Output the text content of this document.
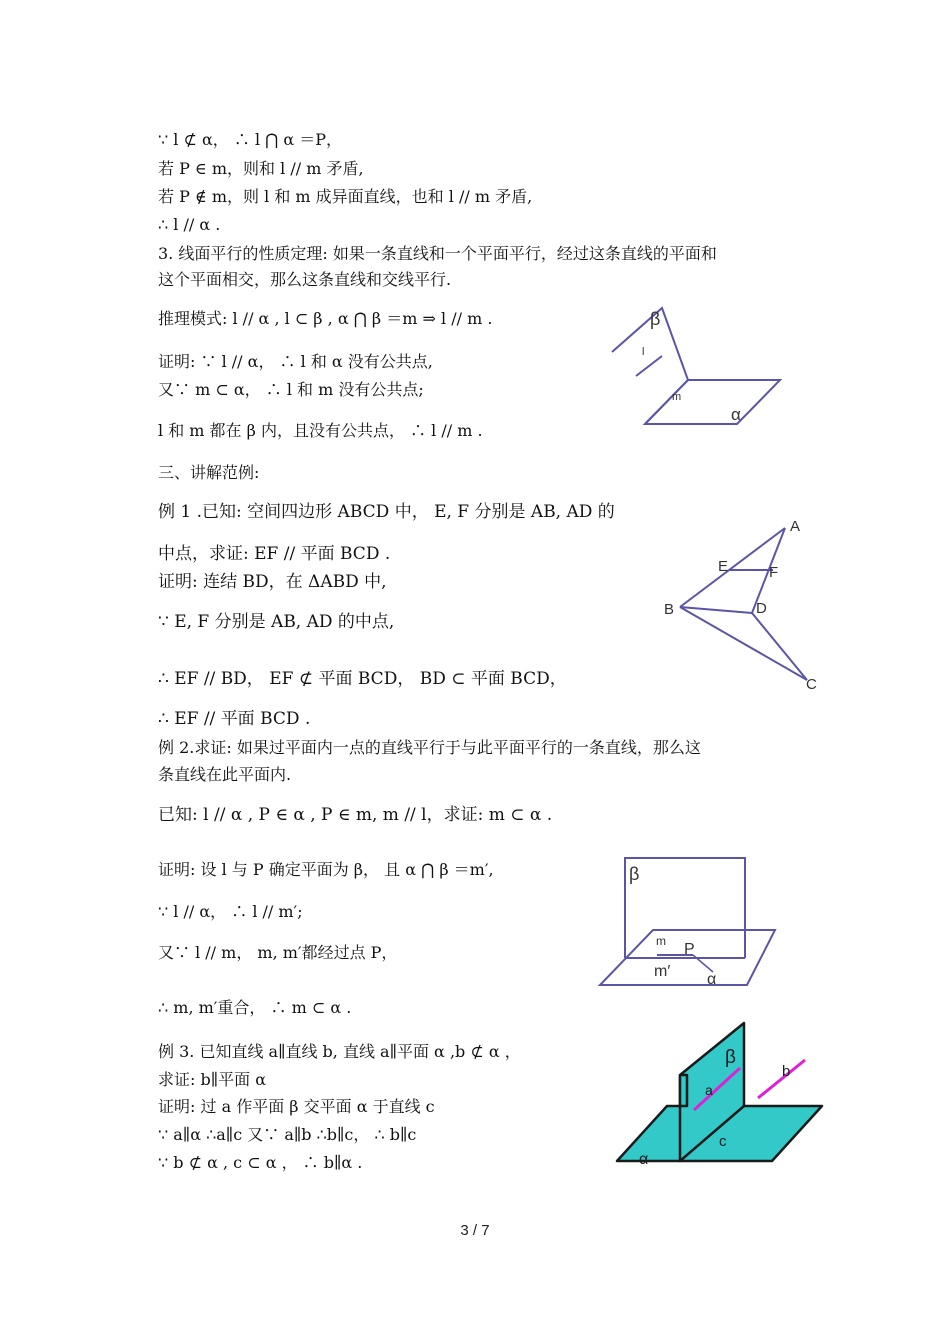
∵ l ⊄ α， ∴ l ⋂ α ＝P，
若 P ∈ m，则和 l // m 矛盾,
若 P ∉ m，则 l 和 m 成异面直线，也和 l // m 矛盾,
∴ l // α .
3. 线面平行的性质定理: 如果一条直线和一个平面平行，经过这条直线的平面和
这个平面相交，那么这条直线和交线平行.
推理模式: l // α , l ⊂ β , α ⋂ β ＝m ⇒ l // m .
证明: ∵ l // α， ∴ l 和 α 没有公共点,
又∵ m ⊂ α， ∴ l 和 m 没有公共点;
l 和 m 都在 β 内，且没有公共点， ∴ l // m .
三、讲解范例:
例 1 .已知: 空间四边形 ABCD 中， E, F 分别是 AB, AD 的
中点，求证: EF // 平面 BCD .
证明: 连结 BD，在 ΔABD 中,
∵ E, F 分别是 AB, AD 的中点,
∴ EF // BD， EF ⊄ 平面 BCD， BD ⊂ 平面 BCD，
∴ EF // 平面 BCD .
例 2.求证: 如果过平面内一点的直线平行于与此平面平行的一条直线，那么这
条直线在此平面内.
已知: l // α , P ∈ α , P ∈ m, m // l，求证: m ⊂ α .
证明: 设 l 与 P 确定平面为 β， 且 α ⋂ β ＝m′,
∵ l // α， ∴ l // m′;
又∵ l // m， m, m′都经过点 P，
∴ m, m′重合， ∴ m ⊂ α .
例 3. 已知直线 a∥直线 b, 直线 a∥平面 α ,b ⊄ α ，
求证: b∥平面 α
证明: 过 a 作平面 β 交平面 α 于直线 c
∵ a∥α ∴a∥c 又∵ a∥b ∴b∥c， ∴ b∥c
∵ b ⊄ α , c ⊂ α ， ∴ b∥α .
β
l
m
α
A
E	F
B	D
C
β
m P
m′ α
β
a
b
c
α
3 / 7
